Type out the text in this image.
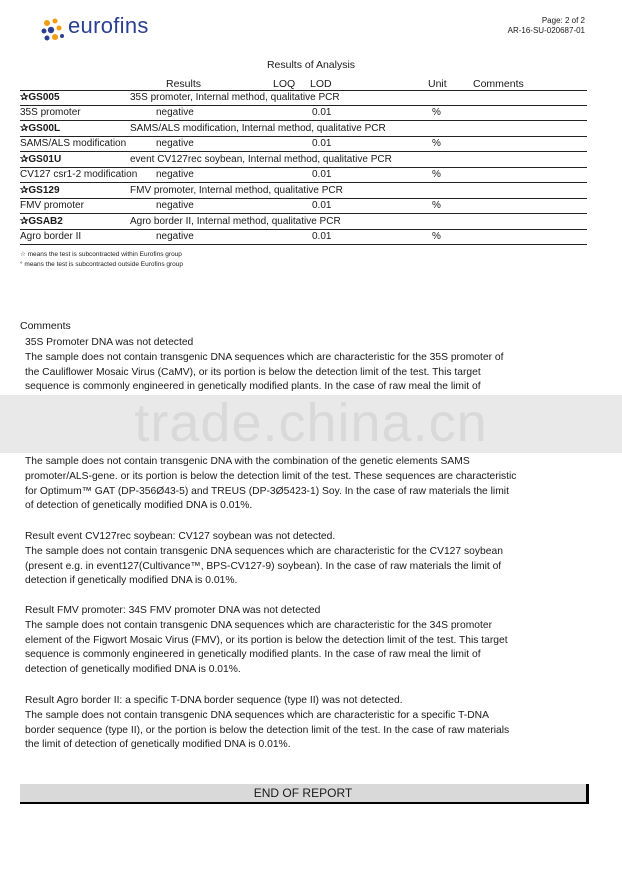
eurofins	Page: 2 of 2
AR-16-SU-020687-01
Results of Analysis
Results	LOQ LOD	Unit	Comments
✰GS005	35S promoter, Internal method, qualitative PCR
35S promoter	negative	0.01	%
✰GS00L	SAMS/ALS modification, Internal method, qualitative PCR
SAMS/ALS modification	negative	0.01	%
✰GS01U	event CV127rec soybean, Internal method, qualitative PCR
CV127 csr1-2 modification negative	0.01	%
✰GS129	FMV promoter, Internal method, qualitative PCR
FMV promoter	negative	0.01	%
✰GSAB2	Agro border II, Internal method, qualitative PCR
Agro border II	negative	0.01	%
☆ means the test is subcontracted within Eurofins group
° means the test is subcontracted outside Eurofins group
Comments

35S Promoter DNA was not detected

The sample does not contain transgenic DNA sequences which are characteristic for the 35S promoter of

the Cauliflower Mosaic Virus (CaMV), or its portion is below the detection limit of the test. This target

sequence is commonly engineered in genetically modified plants. In the case of raw meal the limit of

trade.china.cn

The sample does not contain transgenic DNA with the combination of the genetic elements SAMS

promoter/ALS-gene. or its portion is below the detection limit of the test. These sequences are characteristic

for Optimum™ GAT (DP-356Ø43-5) and TREUS (DP-3Ø5423-1) Soy. In the case of raw materials the limit

of detection of genetically modified DNA is 0.01%.

Result event CV127rec soybean: CV127 soybean was not detected.

The sample does not contain transgenic DNA sequences which are characteristic for the CV127 soybean

(present e.g. in event127(Cultivance™, BPS-CV127-9) soybean). In the case of raw materials the limit of

detection if genetically modified DNA is 0.01%.

Result FMV promoter: 34S FMV promoter DNA was not detected

The sample does not contain transgenic DNA sequences which are characteristic for the 34S promoter

element of the Figwort Mosaic Virus (FMV), or its portion is below the detection limit of the test. This target

sequence is commonly engineered in genetically modified plants. In the case of raw meal the limit of

detection of genetically modified DNA is 0.01%.

Result Agro border II: a specific T-DNA border sequence (type II) was not detected.

The sample does not contain transgenic DNA sequences which are characteristic for a specific T-DNA

border sequence (type II), or the portion is below the detection limit of the test. In the case of raw materials

the limit of detection of genetically modified DNA is 0.01%.

END OF REPORT
